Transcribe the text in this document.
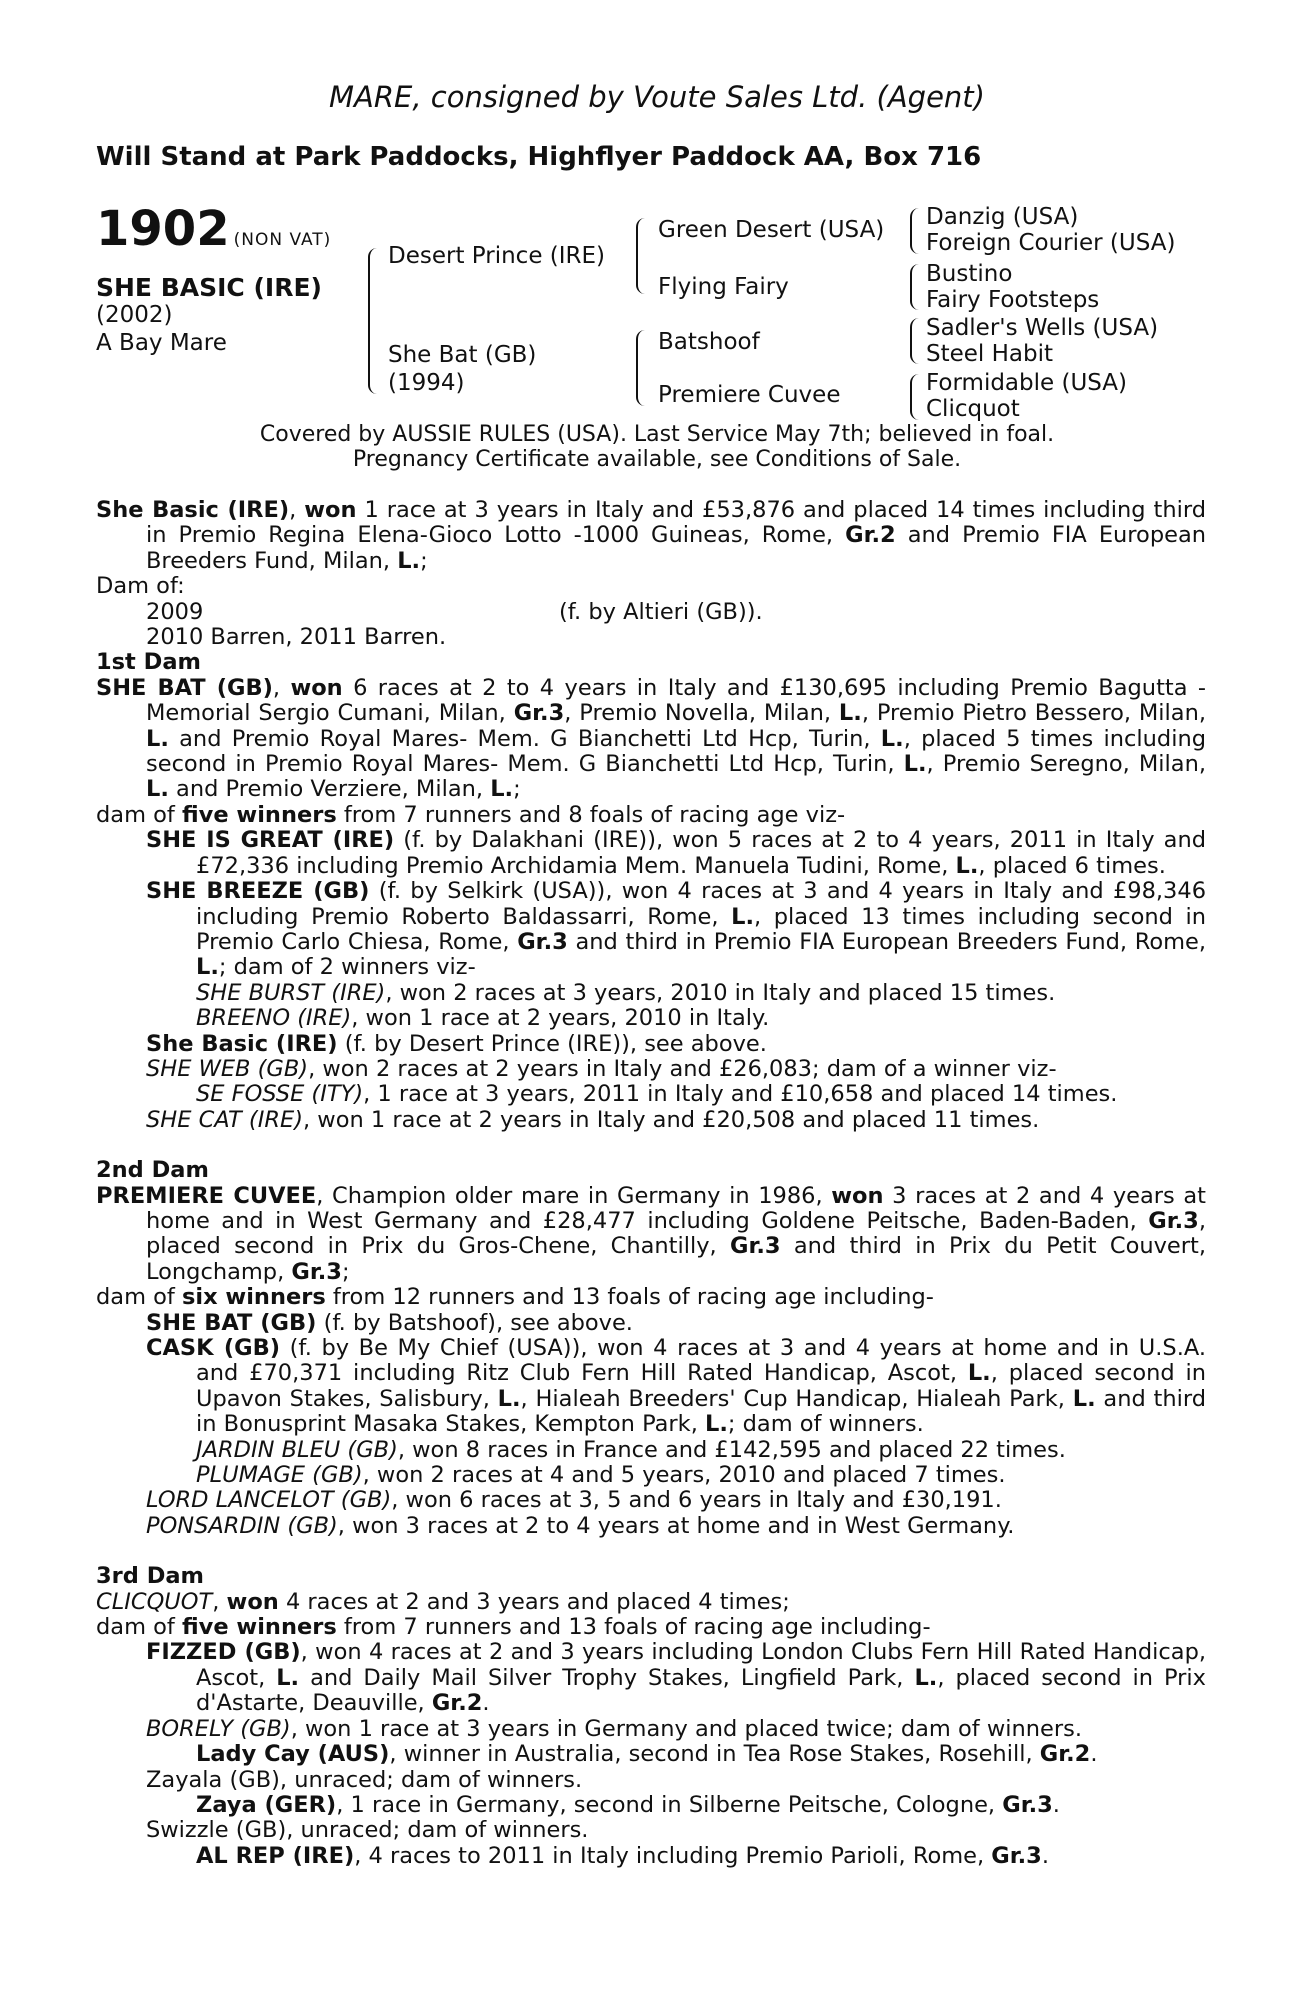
MARE, consigned by Voute Sales Ltd. (Agent)
Will Stand at Park Paddocks, Highflyer Paddock AA, Box 716
1902 (NON VAT)
SHE BASIC (IRE)
(2002)
A Bay Mare
Desert Prince (IRE)
She Bat (GB)
(1994)
Green Desert (USA)
Flying Fairy
Batshoof
Premiere Cuvee
Danzig (USA)
Foreign Courier (USA)
Bustino
Fairy Footsteps
Sadler's Wells (USA)
Steel Habit
Formidable (USA)
Clicquot
Covered by AUSSIE RULES (USA). Last Service May 7th; believed in foal.
Pregnancy Certificate available, see Conditions of Sale.

She Basic (IRE), won 1 race at 3 years in Italy and £53,876 and placed 14 times including third in Premio Regina Elena-Gioco Lotto -1000 Guineas, Rome, Gr.2 and Premio FIA European Breeders Fund, Milan, L.;

Dam of:

2009	(f. by Altieri (GB)).

2010 Barren, 2011 Barren.

1st Dam

SHE BAT (GB), won 6 races at 2 to 4 years in Italy and £130,695 including Premio Bagutta - Memorial Sergio Cumani, Milan, Gr.3, Premio Novella, Milan, L., Premio Pietro Bessero, Milan, L. and Premio Royal Mares- Mem. G Bianchetti Ltd Hcp, Turin, L., placed 5 times including second in Premio Royal Mares- Mem. G Bianchetti Ltd Hcp, Turin, L., Premio Seregno, Milan, L. and Premio Verziere, Milan, L.;

dam of five winners from 7 runners and 8 foals of racing age viz-

SHE IS GREAT (IRE) (f. by Dalakhani (IRE)), won 5 races at 2 to 4 years, 2011 in Italy and £72,336 including Premio Archidamia Mem. Manuela Tudini, Rome, L., placed 6 times.

SHE BREEZE (GB) (f. by Selkirk (USA)), won 4 races at 3 and 4 years in Italy and £98,346 including Premio Roberto Baldassarri, Rome, L., placed 13 times including second in Premio Carlo Chiesa, Rome, Gr.3 and third in Premio FIA European Breeders Fund, Rome, L.; dam of 2 winners viz-

SHE BURST (IRE), won 2 races at 3 years, 2010 in Italy and placed 15 times.

BREENO (IRE), won 1 race at 2 years, 2010 in Italy.

She Basic (IRE) (f. by Desert Prince (IRE)), see above.

SHE WEB (GB), won 2 races at 2 years in Italy and £26,083; dam of a winner viz-

SE FOSSE (ITY), 1 race at 3 years, 2011 in Italy and £10,658 and placed 14 times.

SHE CAT (IRE), won 1 race at 2 years in Italy and £20,508 and placed 11 times.

2nd Dam

PREMIERE CUVEE, Champion older mare in Germany in 1986, won 3 races at 2 and 4 years at home and in West Germany and £28,477 including Goldene Peitsche, Baden-Baden, Gr.3, placed second in Prix du Gros-Chene, Chantilly, Gr.3 and third in Prix du Petit Couvert, Longchamp, Gr.3;

dam of six winners from 12 runners and 13 foals of racing age including-

SHE BAT (GB) (f. by Batshoof), see above.

CASK (GB) (f. by Be My Chief (USA)), won 4 races at 3 and 4 years at home and in U.S.A. and £70,371 including Ritz Club Fern Hill Rated Handicap, Ascot, L., placed second in Upavon Stakes, Salisbury, L., Hialeah Breeders' Cup Handicap, Hialeah Park, L. and third in Bonusprint Masaka Stakes, Kempton Park, L.; dam of winners.

JARDIN BLEU (GB), won 8 races in France and £142,595 and placed 22 times.

PLUMAGE (GB), won 2 races at 4 and 5 years, 2010 and placed 7 times.

LORD LANCELOT (GB), won 6 races at 3, 5 and 6 years in Italy and £30,191.

PONSARDIN (GB), won 3 races at 2 to 4 years at home and in West Germany.

3rd Dam

CLICQUOT, won 4 races at 2 and 3 years and placed 4 times;

dam of five winners from 7 runners and 13 foals of racing age including-

FIZZED (GB), won 4 races at 2 and 3 years including London Clubs Fern Hill Rated Handicap, Ascot, L. and Daily Mail Silver Trophy Stakes, Lingfield Park, L., placed second in Prix d'Astarte, Deauville, Gr.2.

BORELY (GB), won 1 race at 3 years in Germany and placed twice; dam of winners.

Lady Cay (AUS), winner in Australia, second in Tea Rose Stakes, Rosehill, Gr.2.

Zayala (GB), unraced; dam of winners.

Zaya (GER), 1 race in Germany, second in Silberne Peitsche, Cologne, Gr.3.

Swizzle (GB), unraced; dam of winners.

AL REP (IRE), 4 races to 2011 in Italy including Premio Parioli, Rome, Gr.3.
